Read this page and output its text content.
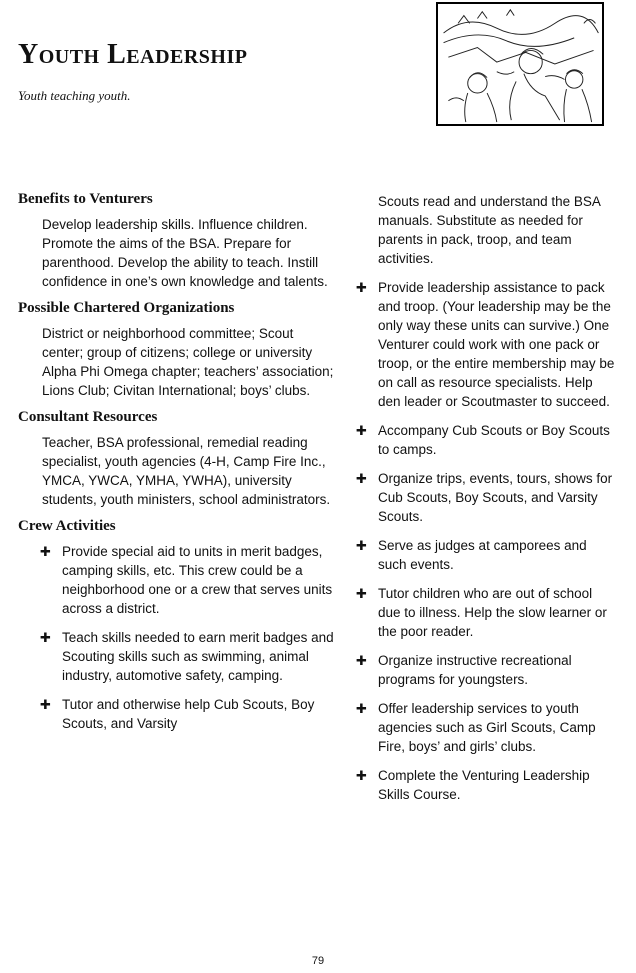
Youth Leadership

Youth teaching youth.

Benefits to Venturers

Develop leadership skills. Influence children. Promote the aims of the BSA. Prepare for parenthood. Develop the ability to teach. Instill confidence in one’s own knowledge and talents.

Possible Chartered Organizations

District or neighborhood committee; Scout center; group of citizens; college or university Alpha Phi Omega chapter; teachers’ association; Lions Club; Civitan International; boys’ clubs.

Consultant Resources

Teacher, BSA professional, remedial reading specialist, youth agencies (4-H, Camp Fire Inc., YMCA, YWCA, YMHA, YWHA), university students, youth ministers, school administrators.

Crew Activities
✚ Provide special aid to units in merit badges, camping skills, etc. This crew could be a neighborhood one or a crew that serves units across a district.
✚ Teach skills needed to earn merit badges and Scouting skills such as swimming, animal industry, automotive safety, camping.
✚ Tutor and otherwise help Cub Scouts, Boy Scouts, and Varsity

Scouts read and understand the BSA manuals. Substitute as needed for parents in pack, troop, and team activities.

✚ Provide leadership assistance to pack and troop. (Your leadership may be the only way these units can survive.) One Venturer could work with one pack or troop, or the entire membership may be on call as resource specialists. Help den leader or Scoutmaster to succeed.
✚ Accompany Cub Scouts or Boy Scouts to camps.
✚ Organize trips, events, tours, shows for Cub Scouts, Boy Scouts, and Varsity Scouts.
✚ Serve as judges at camporees and such events.
✚ Tutor children who are out of school due to illness. Help the slow learner or the poor reader.
✚ Organize instructive recreational programs for youngsters.
✚ Offer leadership services to youth agencies such as Girl Scouts, Camp Fire, boys’ and girls’ clubs.
✚ Complete the Venturing Leadership Skills Course.
79
